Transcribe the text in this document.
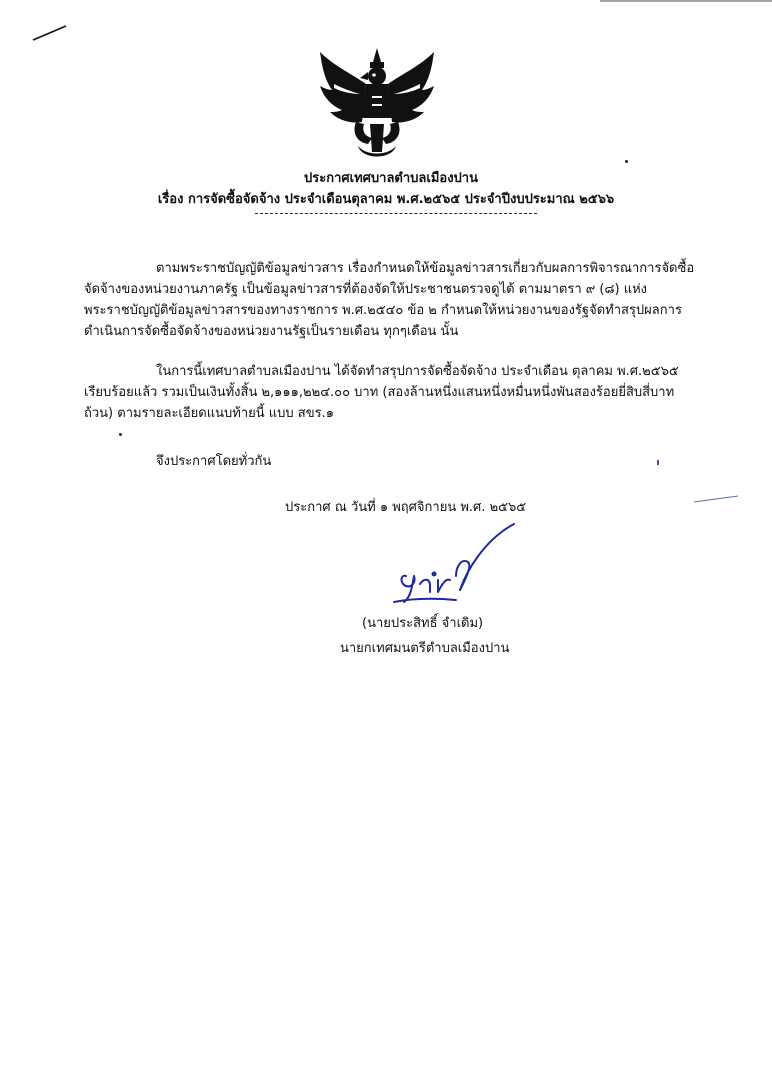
ประกาศเทศบาลตำบลเมืองปาน
เรื่อง การจัดซื้อจัดจ้าง ประจำเดือนตุลาคม พ.ศ.๒๕๖๕ ประจำปีงบประมาณ ๒๕๖๖
ตามพระราชบัญญัติข้อมูลข่าวสาร เรื่องกำหนดให้ข้อมูลข่าวสารเกี่ยวกับผลการพิจารณาการจัดซื้อ
จัดจ้างของหน่วยงานภาครัฐ เป็นข้อมูลข่าวสารที่ต้องจัดให้ประชาชนตรวจดูได้ ตามมาตรา ๙ (๘) แห่ง
พระราชบัญญัติข้อมูลข่าวสารของทางราชการ พ.ศ.๒๕๔๐ ข้อ ๒ กำหนดให้หน่วยงานของรัฐจัดทำสรุปผลการ
ดำเนินการจัดซื้อจัดจ้างของหน่วยงานรัฐเป็นรายเดือน ทุกๆเดือน นั้น
ในการนี้เทศบาลตำบลเมืองปาน ได้จัดทำสรุปการจัดซื้อจัดจ้าง ประจำเดือน ตุลาคม พ.ศ.๒๕๖๕
เรียบร้อยแล้ว รวมเป็นเงินทั้งสิ้น ๒,๑๑๑,๒๒๔.๐๐ บาท (สองล้านหนึ่งแสนหนึ่งหมื่นหนึ่งพันสองร้อยยี่สิบสี่บาท
ถ้วน) ตามรายละเอียดแนบท้ายนี้ แบบ สขร.๑
จึงประกาศโดยทั่วกัน
ประกาศ ณ วันที่ ๑ พฤศจิกายน พ.ศ. ๒๕๖๕
(นายประสิทธิ์ จำเดิม)
นายกเทศมนตรีตำบลเมืองปาน
